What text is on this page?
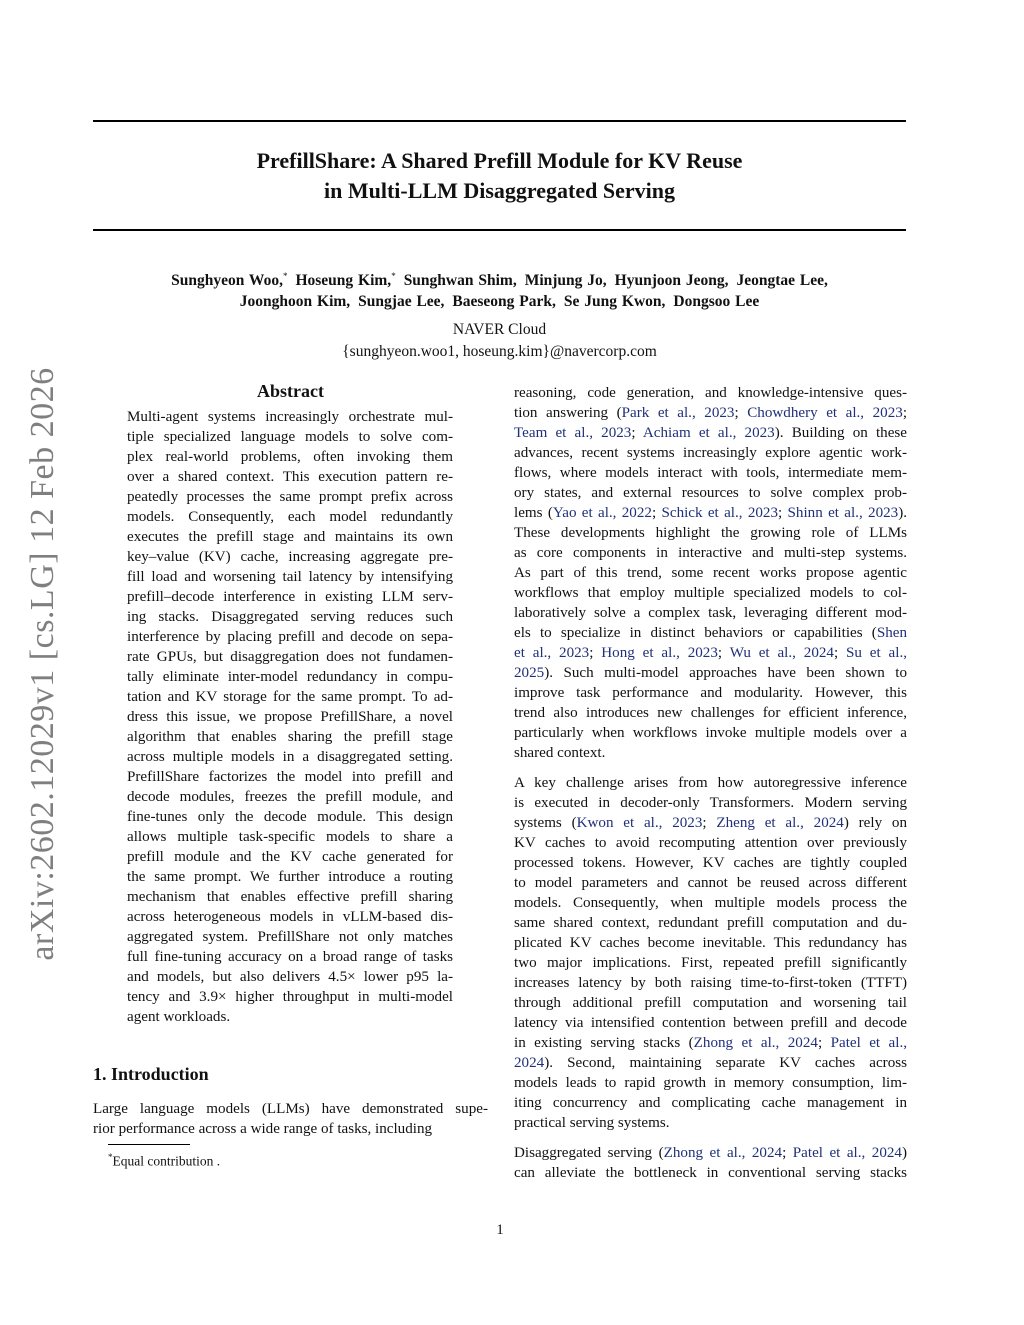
PrefillShare: A Shared Prefill Module for KV Reuse
in Multi-LLM Disaggregated Serving
Sunghyeon Woo,* Hoseung Kim,* Sunghwan Shim, Minjung Jo, Hyunjoon Jeong, Jeongtae Lee,
Joonghoon Kim, Sungjae Lee, Baeseong Park, Se Jung Kwon, Dongsoo Lee
NAVER Cloud
{sunghyeon.woo1, hoseung.kim}@navercorp.com
arXiv:2602.12029v1 [cs.LG] 12 Feb 2026	Abstract
Multi-agent systems increasingly orchestrate mul-
tiple specialized language models to solve com-
plex real-world problems, often invoking them
over a shared context. This execution pattern re-
peatedly processes the same prompt prefix across
models. Consequently, each model redundantly
executes the prefill stage and maintains its own
key–value (KV) cache, increasing aggregate pre-
fill load and worsening tail latency by intensifying
prefill–decode interference in existing LLM serv-
ing stacks. Disaggregated serving reduces such
interference by placing prefill and decode on sepa-
rate GPUs, but disaggregation does not fundamen-
tally eliminate inter-model redundancy in compu-
tation and KV storage for the same prompt. To ad-
dress this issue, we propose PrefillShare, a novel
algorithm that enables sharing the prefill stage
across multiple models in a disaggregated setting.
PrefillShare factorizes the model into prefill and
decode modules, freezes the prefill module, and
fine-tunes only the decode module. This design
allows multiple task-specific models to share a
prefill module and the KV cache generated for
the same prompt. We further introduce a routing
mechanism that enables effective prefill sharing
across heterogeneous models in vLLM-based dis-
aggregated system. PrefillShare not only matches
full fine-tuning accuracy on a broad range of tasks
and models, but also delivers 4.5× lower p95 la-
tency and 3.9× higher throughput in multi-model
agent workloads.
1. Introduction
Large language models (LLMs) have demonstrated supe-
rior performance across a wide range of tasks, including
*Equal contribution .
reasoning, code generation, and knowledge-intensive ques-
tion answering (Park et al., 2023; Chowdhery et al., 2023;
Team et al., 2023; Achiam et al., 2023). Building on these
advances, recent systems increasingly explore agentic work-
flows, where models interact with tools, intermediate mem-
ory states, and external resources to solve complex prob-
lems (Yao et al., 2022; Schick et al., 2023; Shinn et al., 2023).
These developments highlight the growing role of LLMs
as core components in interactive and multi-step systems.
As part of this trend, some recent works propose agentic
workflows that employ multiple specialized models to col-
laboratively solve a complex task, leveraging different mod-
els to specialize in distinct behaviors or capabilities (Shen
et al., 2023; Hong et al., 2023; Wu et al., 2024; Su et al.,
2025). Such multi-model approaches have been shown to
improve task performance and modularity. However, this
trend also introduces new challenges for efficient inference,
particularly when workflows invoke multiple models over a
shared context.
A key challenge arises from how autoregressive inference
is executed in decoder-only Transformers. Modern serving
systems (Kwon et al., 2023; Zheng et al., 2024) rely on
KV caches to avoid recomputing attention over previously
processed tokens. However, KV caches are tightly coupled
to model parameters and cannot be reused across different
models. Consequently, when multiple models process the
same shared context, redundant prefill computation and du-
plicated KV caches become inevitable. This redundancy has
two major implications. First, repeated prefill significantly
increases latency by both raising time-to-first-token (TTFT)
through additional prefill computation and worsening tail
latency via intensified contention between prefill and decode
in existing serving stacks (Zhong et al., 2024; Patel et al.,
2024). Second, maintaining separate KV caches across
models leads to rapid growth in memory consumption, lim-
iting concurrency and complicating cache management in
practical serving systems.
Disaggregated serving (Zhong et al., 2024; Patel et al., 2024)
can alleviate the bottleneck in conventional serving stacks
1
